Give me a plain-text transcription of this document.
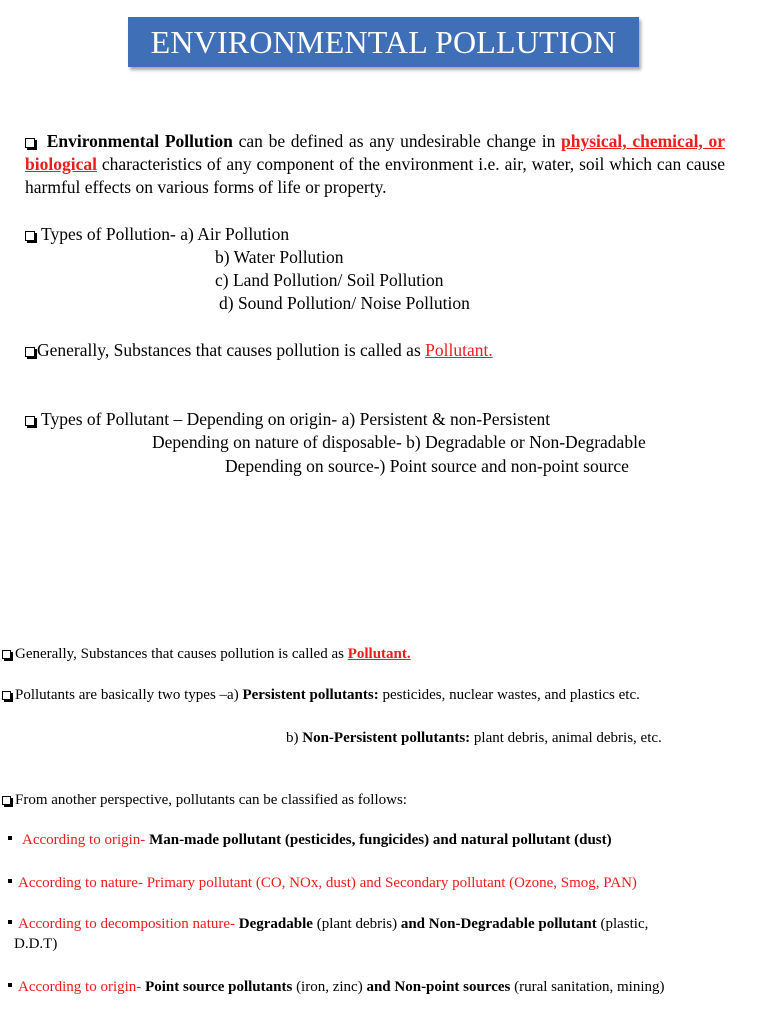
ENVIRONMENTAL POLLUTION
Environmental Pollution can be defined as any undesirable change in physical, chemical, or biological characteristics of any component of the environment i.e. air, water, soil which can cause harmful effects on various forms of life or property.
Types of Pollution- a) Air Pollution
b) Water Pollution
c) Land Pollution/ Soil Pollution
d) Sound Pollution/ Noise Pollution
Generally, Substances that causes pollution is called as Pollutant.
Types of Pollutant – Depending on origin- a) Persistent & non-Persistent
Depending on nature of disposable- b) Degradable or Non-Degradable
Depending on source-) Point source and non-point source
Generally, Substances that causes pollution is called as Pollutant.
Pollutants are basically two types –a) Persistent pollutants: pesticides, nuclear wastes, and plastics etc.
b) Non-Persistent pollutants: plant debris, animal debris, etc.
From another perspective, pollutants can be classified as follows:
According to origin- Man-made pollutant (pesticides, fungicides) and natural pollutant (dust)
According to nature- Primary pollutant (CO, NOx, dust) and Secondary pollutant (Ozone, Smog, PAN)
According to decomposition nature- Degradable (plant debris) and Non-Degradable pollutant (plastic,
D.D.T)
According to origin- Point source pollutants (iron, zinc) and Non-point sources (rural sanitation, mining)
